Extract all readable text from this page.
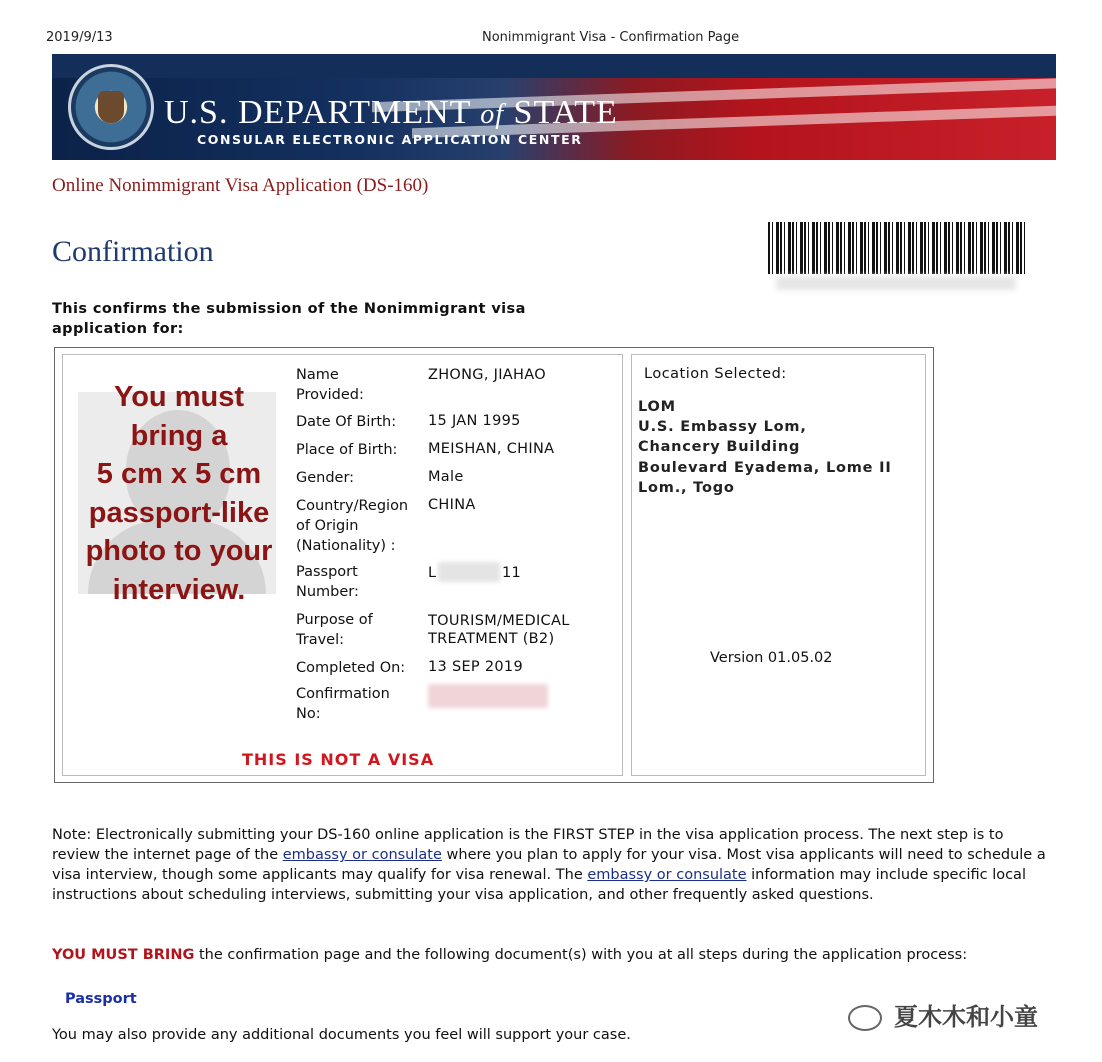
2019/9/13	Nonimmigrant Visa - Confirmation Page
U.S. DEPARTMENT of STATE
CONSULAR ELECTRONIC APPLICATION CENTER
Online Nonimmigrant Visa Application (DS-160)
Confirmation
This confirms the submission of the Nonimmigrant visa application for:
You must
bring a
5 cm x 5 cm
passport-like
photo to your
interview.
Name Provided:
Date Of Birth:
Place of Birth:
Gender:
Country/Region of Origin (Nationality) :
Passport Number:
Purpose of Travel:
Completed On:
Confirmation No:
ZHONG, JIAHAO
15 JAN 1995
MEISHAN, CHINA
Male
CHINA
L	11
TOURISM/MEDICAL TREATMENT (B2)
13 SEP 2019
THIS IS NOT A VISA
Location Selected:
LOM
U.S. Embassy Lom,
Chancery Building
Boulevard Eyadema, Lome II
Lom., Togo
Version 01.05.02
Note: Electronically submitting your DS-160 online application is the FIRST STEP in the visa application process. The next step is to review the internet page of the embassy or consulate where you plan to apply for your visa. Most visa applicants will need to schedule a visa interview, though some applicants may qualify for visa renewal. The embassy or consulate information may include specific local instructions about scheduling interviews, submitting your visa application, and other frequently asked questions.
YOU MUST BRING the confirmation page and the following document(s) with you at all steps during the application process:
Passport
You may also provide any additional documents you feel will support your case.
夏木木和小童
